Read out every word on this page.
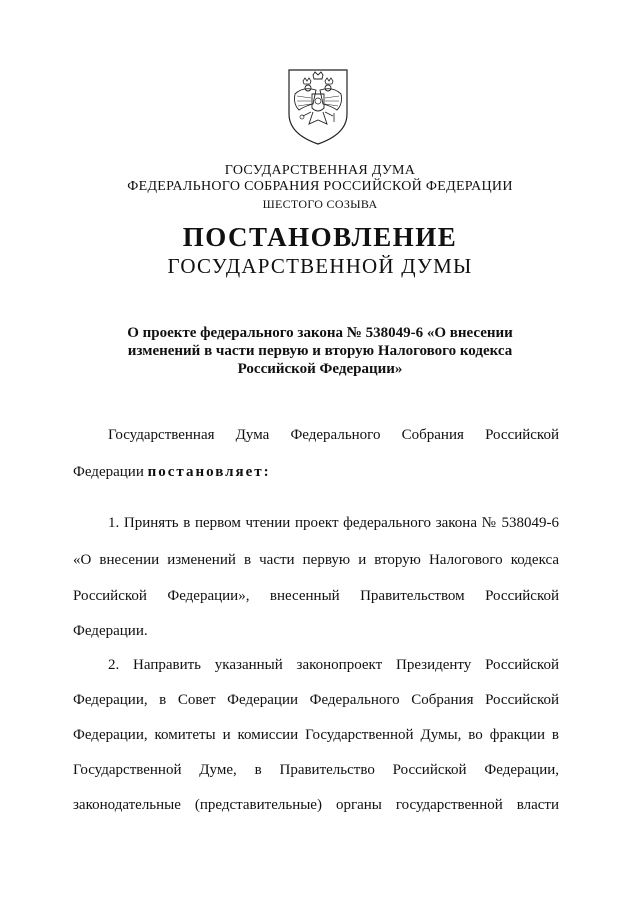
ГОСУДАРСТВЕННАЯ ДУМА
ФЕДЕРАЛЬНОГО СОБРАНИЯ РОССИЙСКОЙ ФЕДЕРАЦИИ
ШЕСТОГО СОЗЫВА
ПОСТАНОВЛЕНИЕ
ГОСУДАРСТВЕННОЙ ДУМЫ
О проекте федерального закона № 538049-6 «О внесении
изменений в части первую и вторую Налогового кодекса
Российской Федерации»
Государственная Дума Федерального Собрания Российской
Федерации постановляет:
1. Принять в первом чтении проект федерального закона № 538049-6
«О внесении изменений в части первую и вторую Налогового кодекса
Российской Федерации», внесенный Правительством Российской
Федерации.
2. Направить указанный законопроект Президенту Российской
Федерации, в Совет Федерации Федерального Собрания Российской
Федерации, комитеты и комиссии Государственной Думы, во фракции в
Государственной Думе, в Правительство Российской Федерации,
законодательные (представительные) органы государственной власти
